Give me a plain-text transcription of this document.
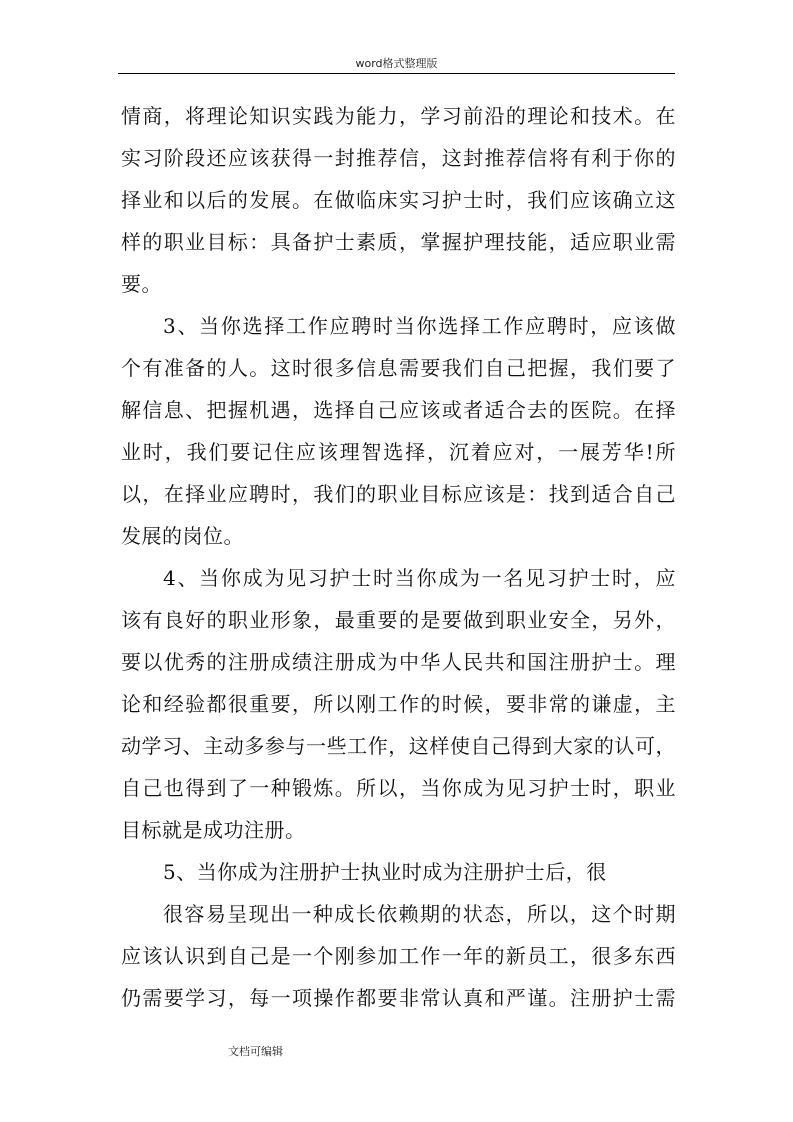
word格式整理版
情商，将理论知识实践为能力，学习前沿的理论和技术。在
实习阶段还应该获得一封推荐信，这封推荐信将有利于你的
择业和以后的发展。在做临床实习护士时，我们应该确立这
样的职业目标：具备护士素质，掌握护理技能，适应职业需
要。
3、当你选择工作应聘时当你选择工作应聘时，应该做
个有准备的人。这时很多信息需要我们自己把握，我们要了
解信息、把握机遇，选择自己应该或者适合去的医院。在择
业时，我们要记住应该理智选择，沉着应对，一展芳华!所
以，在择业应聘时，我们的职业目标应该是：找到适合自己
发展的岗位。
4、当你成为见习护士时当你成为一名见习护士时，应
该有良好的职业形象，最重要的是要做到职业安全，另外，
要以优秀的注册成绩注册成为中华人民共和国注册护士。理
论和经验都很重要，所以刚工作的时候，要非常的谦虚，主
动学习、主动多参与一些工作，这样使自己得到大家的认可，
自己也得到了一种锻炼。所以，当你成为见习护士时，职业
目标就是成功注册。
5、当你成为注册护士执业时成为注册护士后，很
很容易呈现出一种成长依赖期的状态，所以，这个时期
应该认识到自己是一个刚参加工作一年的新员工，很多东西
仍需要学习，每一项操作都要非常认真和严谨。注册护士需
文档可编辑
